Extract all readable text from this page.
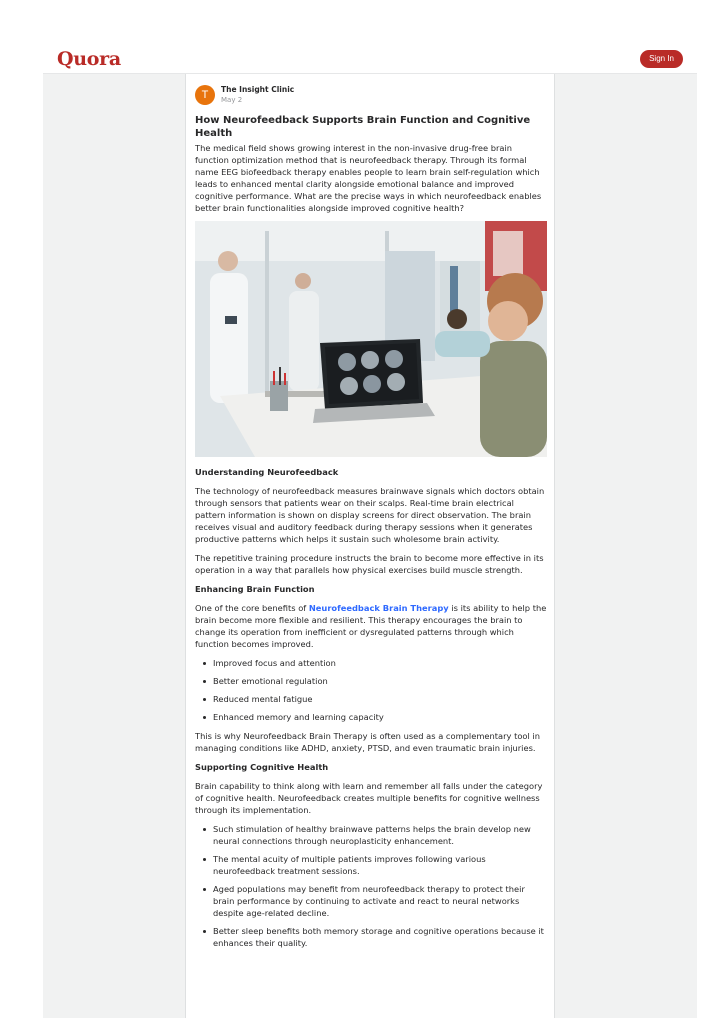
Quora	Sign In
T	The Insight Clinic
May 2
How Neurofeedback Supports Brain Function and Cognitive Health

The medical field shows growing interest in the non-invasive drug-free brain function optimization method that is neurofeedback therapy. Through its formal name EEG biofeedback therapy enables people to learn brain self-regulation which leads to enhanced mental clarity alongside emotional balance and improved cognitive performance. What are the precise ways in which neurofeedback enables better brain functionalities alongside improved cognitive health?

Understanding Neurofeedback

The technology of neurofeedback measures brainwave signals which doctors obtain through sensors that patients wear on their scalps. Real-time brain electrical pattern information is shown on display screens for direct observation. The brain receives visual and auditory feedback during therapy sessions when it generates productive patterns which helps it sustain such wholesome brain activity.

The repetitive training procedure instructs the brain to become more effective in its operation in a way that parallels how physical exercises build muscle strength.

Enhancing Brain Function

One of the core benefits of Neurofeedback Brain Therapy is its ability to help the brain become more flexible and resilient. This therapy encourages the brain to change its operation from inefficient or dysregulated patterns through which function becomes improved.

Improved focus and attention
Better emotional regulation
Reduced mental fatigue
Enhanced memory and learning capacity

This is why Neurofeedback Brain Therapy is often used as a complementary tool in managing conditions like ADHD, anxiety, PTSD, and even traumatic brain injuries.

Supporting Cognitive Health

Brain capability to think along with learn and remember all falls under the category of cognitive health. Neurofeedback creates multiple benefits for cognitive wellness through its implementation.

Such stimulation of healthy brainwave patterns helps the brain develop new neural connections through neuroplasticity enhancement.
The mental acuity of multiple patients improves following various neurofeedback treatment sessions.
Aged populations may benefit from neurofeedback therapy to protect their brain performance by continuing to activate and react to neural networks despite age-related decline.
Better sleep benefits both memory storage and cognitive operations because it enhances their quality.
